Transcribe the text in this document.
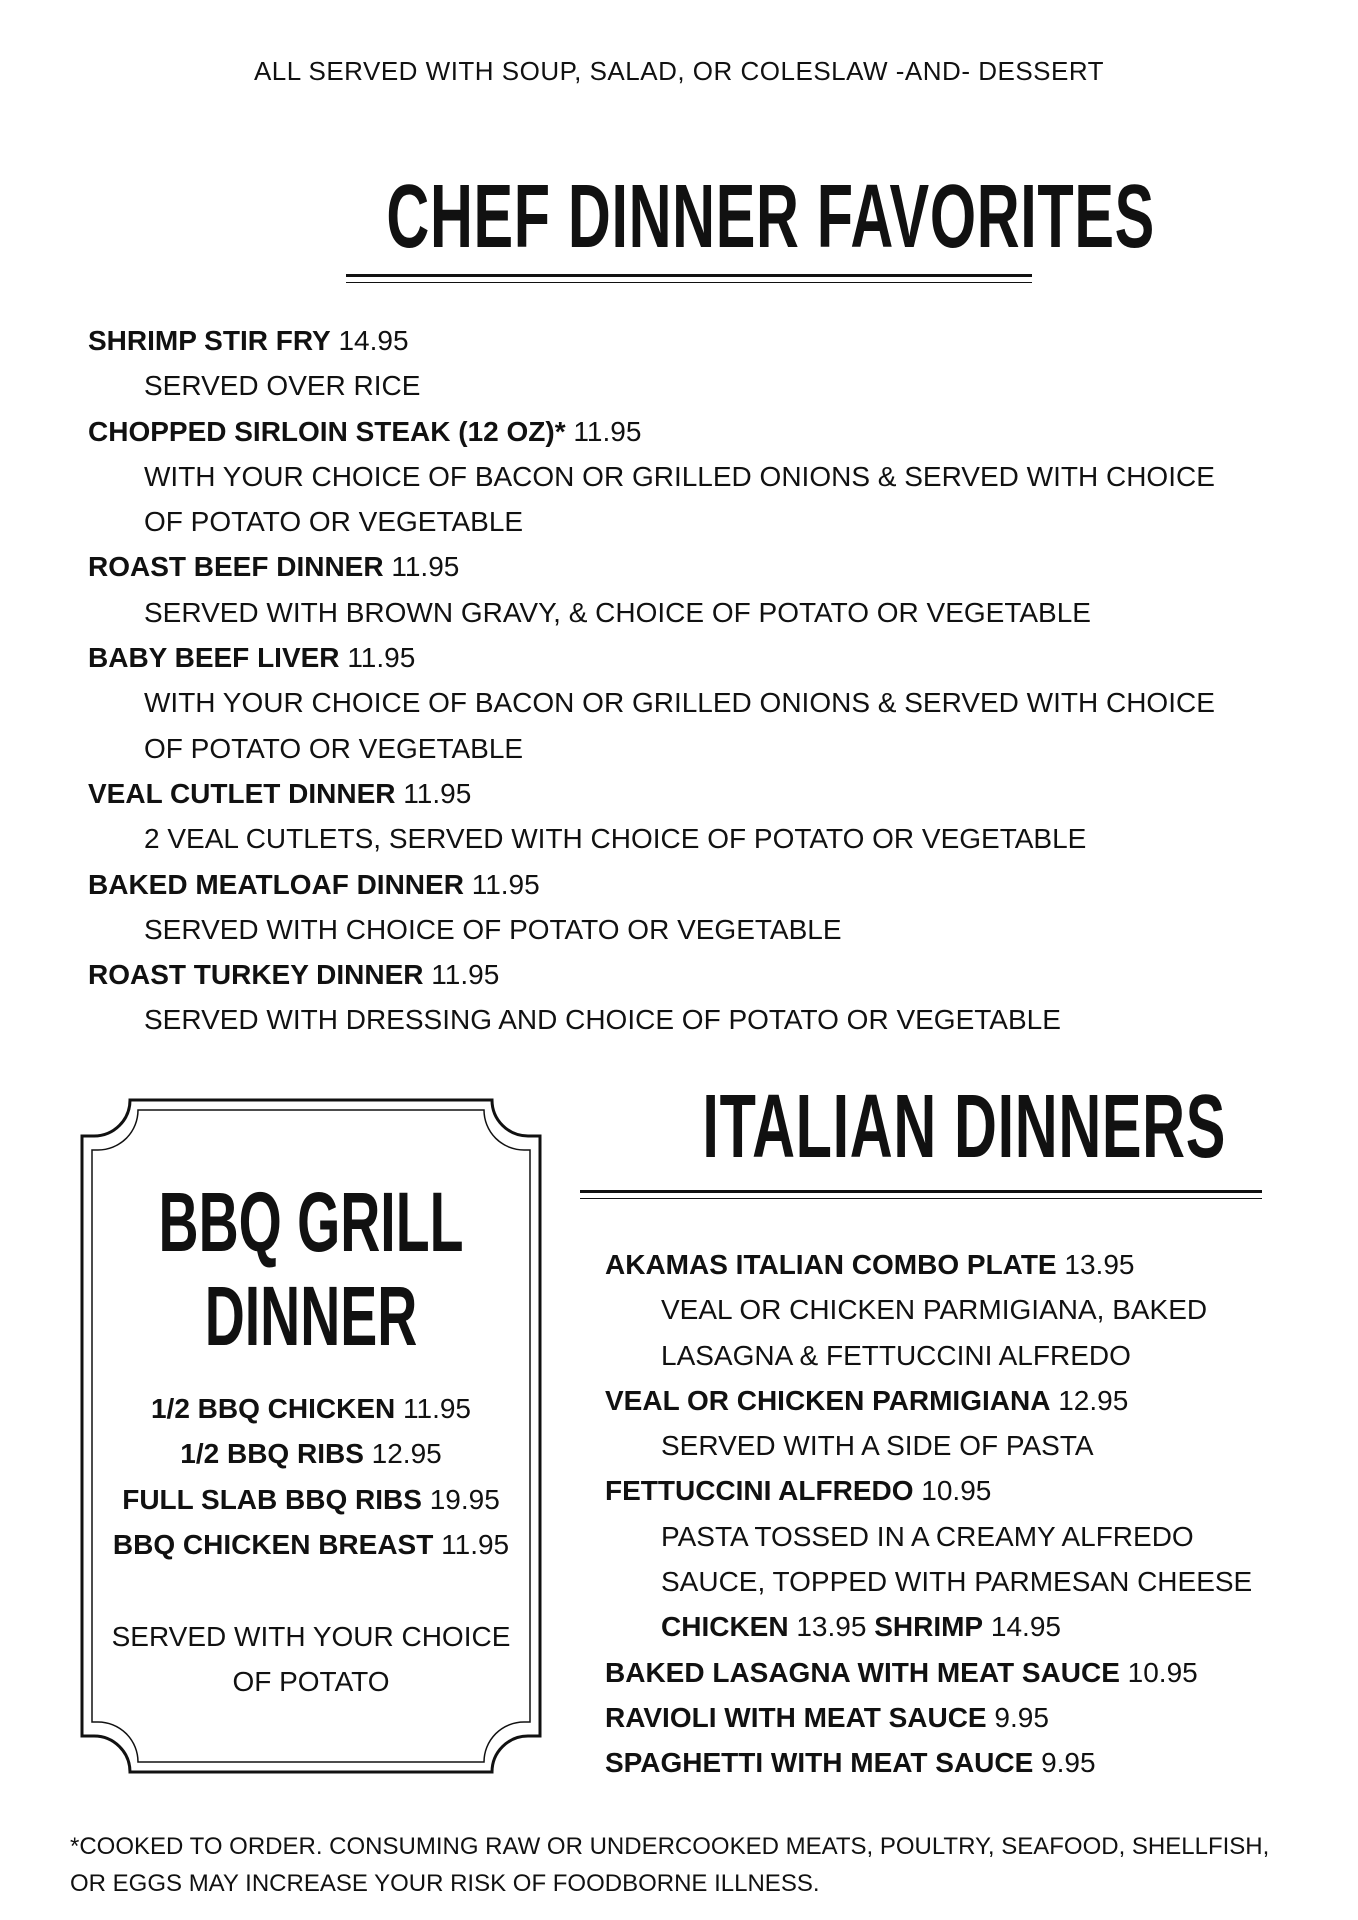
ALL SERVED WITH SOUP, SALAD, OR COLESLAW -AND- DESSERT
CHEF DINNER FAVORITES
SHRIMP STIR FRY 14.95
SERVED OVER RICE
CHOPPED SIRLOIN STEAK (12 OZ)* 11.95
WITH YOUR CHOICE OF BACON OR GRILLED ONIONS & SERVED WITH CHOICE
OF POTATO OR VEGETABLE
ROAST BEEF DINNER 11.95
SERVED WITH BROWN GRAVY, & CHOICE OF POTATO OR VEGETABLE
BABY BEEF LIVER 11.95
WITH YOUR CHOICE OF BACON OR GRILLED ONIONS & SERVED WITH CHOICE
OF POTATO OR VEGETABLE
VEAL CUTLET DINNER 11.95
2 VEAL CUTLETS, SERVED WITH CHOICE OF POTATO OR VEGETABLE
BAKED MEATLOAF DINNER 11.95
SERVED WITH CHOICE OF POTATO OR VEGETABLE
ROAST TURKEY DINNER 11.95
SERVED WITH DRESSING AND CHOICE OF POTATO OR VEGETABLE
BBQ GRILL
DINNER
1/2 BBQ CHICKEN 11.95
1/2 BBQ RIBS 12.95
FULL SLAB BBQ RIBS 19.95
BBQ CHICKEN BREAST 11.95
SERVED WITH YOUR CHOICE
OF POTATO
ITALIAN DINNERS
AKAMAS ITALIAN COMBO PLATE 13.95
VEAL OR CHICKEN PARMIGIANA, BAKED
LASAGNA & FETTUCCINI ALFREDO
VEAL OR CHICKEN PARMIGIANA 12.95
SERVED WITH A SIDE OF PASTA
FETTUCCINI ALFREDO 10.95
PASTA TOSSED IN A CREAMY ALFREDO
SAUCE, TOPPED WITH PARMESAN CHEESE
CHICKEN 13.95 SHRIMP 14.95
BAKED LASAGNA WITH MEAT SAUCE 10.95
RAVIOLI WITH MEAT SAUCE 9.95
SPAGHETTI WITH MEAT SAUCE 9.95
*COOKED TO ORDER. CONSUMING RAW OR UNDERCOOKED MEATS, POULTRY, SEAFOOD, SHELLFISH,
OR EGGS MAY INCREASE YOUR RISK OF FOODBORNE ILLNESS.
